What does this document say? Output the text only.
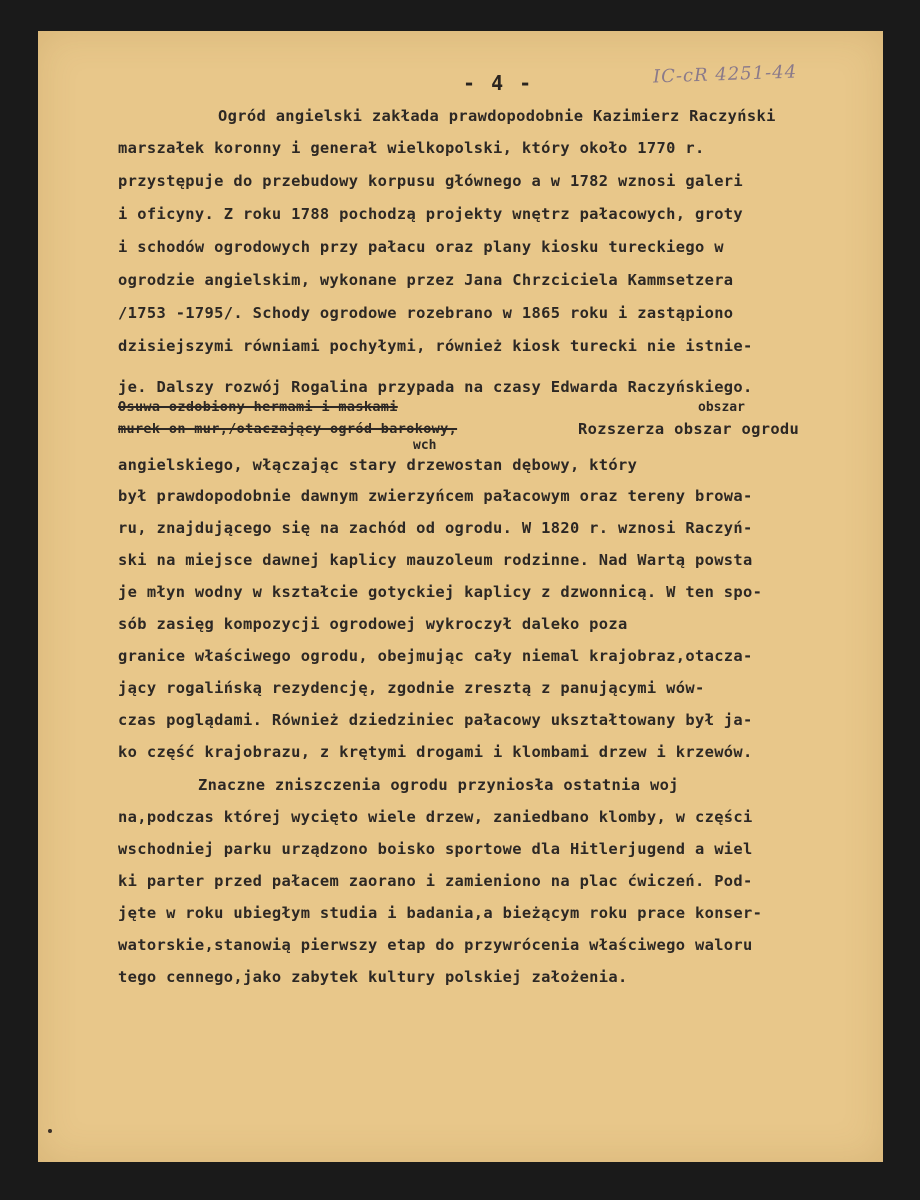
- 4 -	IC-cR 4251-44
Ogród angielski zakłada prawdopodobnie Kazimierz Raczyński
marszałek koronny i generał wielkopolski, który około 1770 r.
przystępuje do przebudowy korpusu głównego a w 1782 wznosi galeri
i oficyny. Z roku 1788 pochodzą projekty wnętrz pałacowych, groty
i schodów ogrodowych przy pałacu oraz plany kiosku tureckiego w
ogrodzie angielskim, wykonane przez Jana Chrzciciela Kammsetzera
/1753 -1795/. Schody ogrodowe rozebrano w 1865 roku i zastąpiono
dzisiejszymi równiami pochyłymi, również kiosk turecki nie istnie-
je. Dalszy rozwój Rogalina przypada na czasy Edwarda Raczyńskiego.
Osuwa ozdobiony hermami i maskami	obszar
murek on mur,/otaczający ogród barokowy,	Rozszerza obszar ogrodu
wch
angielskiego, włączając stary drzewostan dębowy, który
był prawdopodobnie dawnym zwierzyńcem pałacowym oraz tereny browa-
ru, znajdującego się na zachód od ogrodu. W 1820 r. wznosi Raczyń-
ski na miejsce dawnej kaplicy mauzoleum rodzinne. Nad Wartą powsta
je młyn wodny w kształcie gotyckiej kaplicy z dzwonnicą. W ten spo-
sób zasięg kompozycji ogrodowej wykroczył daleko poza
granice właściwego ogrodu, obejmując cały niemal krajobraz,otacza-
jący rogalińską rezydencję, zgodnie zresztą z panującymi wów-
czas poglądami. Również dziedziniec pałacowy ukształtowany był ja-
ko część krajobrazu, z krętymi drogami i klombami drzew i krzewów.
Znaczne zniszczenia ogrodu przyniosła ostatnia woj
na,podczas której wycięto wiele drzew, zaniedbano klomby, w części
wschodniej parku urządzono boisko sportowe dla Hitlerjugend a wiel
ki parter przed pałacem zaorano i zamieniono na plac ćwiczeń. Pod-
jęte w roku ubiegłym studia i badania,a bieżącym roku prace konser-
watorskie,stanowią pierwszy etap do przywrócenia właściwego waloru
tego cennego,jako zabytek kultury polskiej założenia.
